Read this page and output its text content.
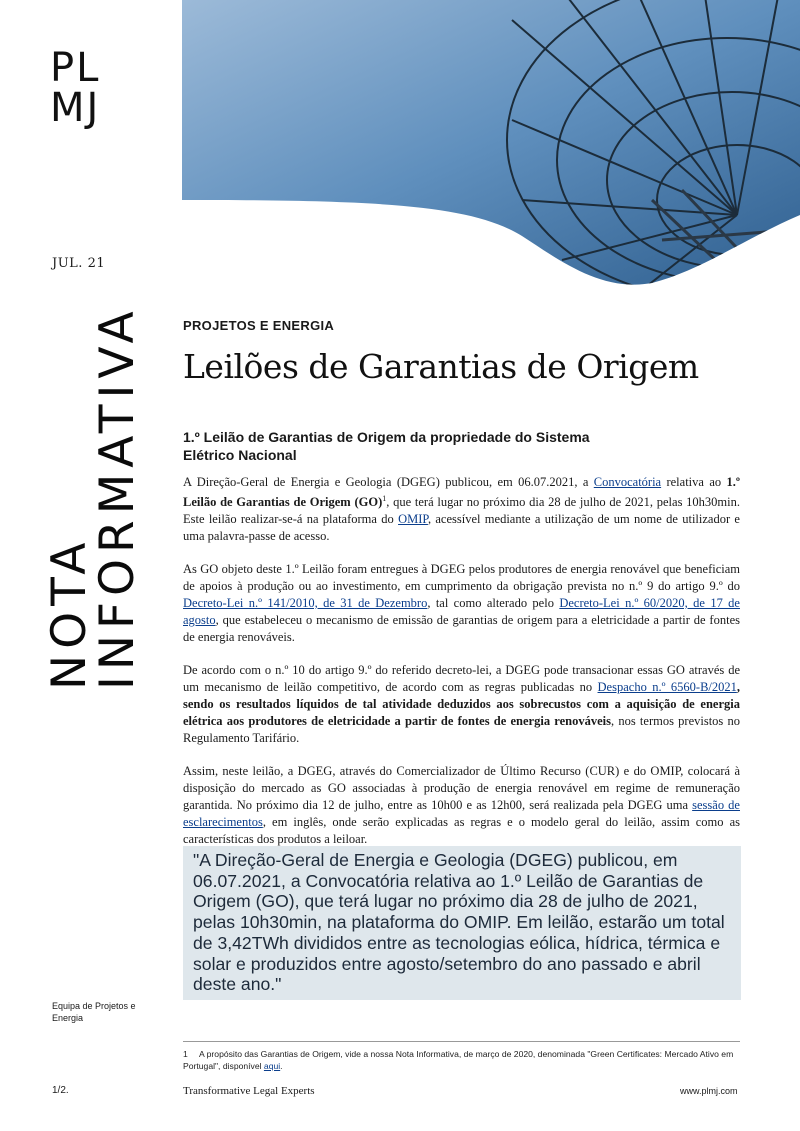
PL
MJ
JUL. 21
NOTA
INFORMATIVA	PROJETOS E ENERGIA
Leilões de Garantias de Origem
1.º Leilão de Garantias de Origem da propriedade do Sistema Elétrico Nacional

A Direção-Geral de Energia e Geologia (DGEG) publicou, em 06.07.2021, a Convocatória relativa ao 1.º Leilão de Garantias de Origem (GO)$^1$, que terá lugar no próximo dia 28 de julho de 2021, pelas 10h30min. Este leilão realizar-se-á na plataforma do OMIP, acessível mediante a utilização de um nome de utilizador e uma palavra-passe de acesso.

As GO objeto deste 1.º Leilão foram entregues à DGEG pelos produtores de energia renovável que beneficiam de apoios à produção ou ao investimento, em cumprimento da obrigação prevista no n.º 9 do artigo 9.º do Decreto-Lei n.º 141/2010, de 31 de Dezembro, tal como alterado pelo Decreto-Lei n.º 60/2020, de 17 de agosto, que estabeleceu o mecanismo de emissão de garantias de origem para a eletricidade a partir de fontes de energia renováveis.

De acordo com o n.º 10 do artigo 9.º do referido decreto-lei, a DGEG pode transacionar essas GO através de um mecanismo de leilão competitivo, de acordo com as regras publicadas no Despacho n.º 6560-B/2021, sendo os resultados líquidos de tal atividade deduzidos aos sobrecustos com a aquisição de energia elétrica aos produtores de eletricidade a partir de fontes de energia renováveis, nos termos previstos no Regulamento Tarifário.

Assim, neste leilão, a DGEG, através do Comercializador de Último Recurso (CUR) e do OMIP, colocará à disposição do mercado as GO associadas à produção de energia renovável em regime de remuneração garantida. No próximo dia 12 de julho, entre as 10h00 e as 12h00, será realizada pela DGEG uma sessão de esclarecimentos, em inglês, onde serão explicadas as regras e o modelo geral do leilão, assim como as características dos produtos a leiloar.

"A Direção-Geral de Energia e Geologia (DGEG) publicou, em 06.07.2021, a Convocatória relativa ao 1.º Leilão de Garantias de Origem (GO), que terá lugar no próximo dia 28 de julho de 2021, pelas 10h30min, na plataforma do OMIP. Em leilão, estarão um total de 3,42TWh divididos entre as tecnologias eólica, hídrica, térmica e solar e produzidos entre agosto/setembro do ano passado e abril deste ano."
Equipa de Projetos e Energia
1 A propósito das Garantias de Origem, vide a nossa Nota Informativa, de março de 2020, denominada "Green Certificates: Mercado Ativo em Portugal", disponível aqui.
1/2.	Transformative Legal Experts	www.plmj.com
